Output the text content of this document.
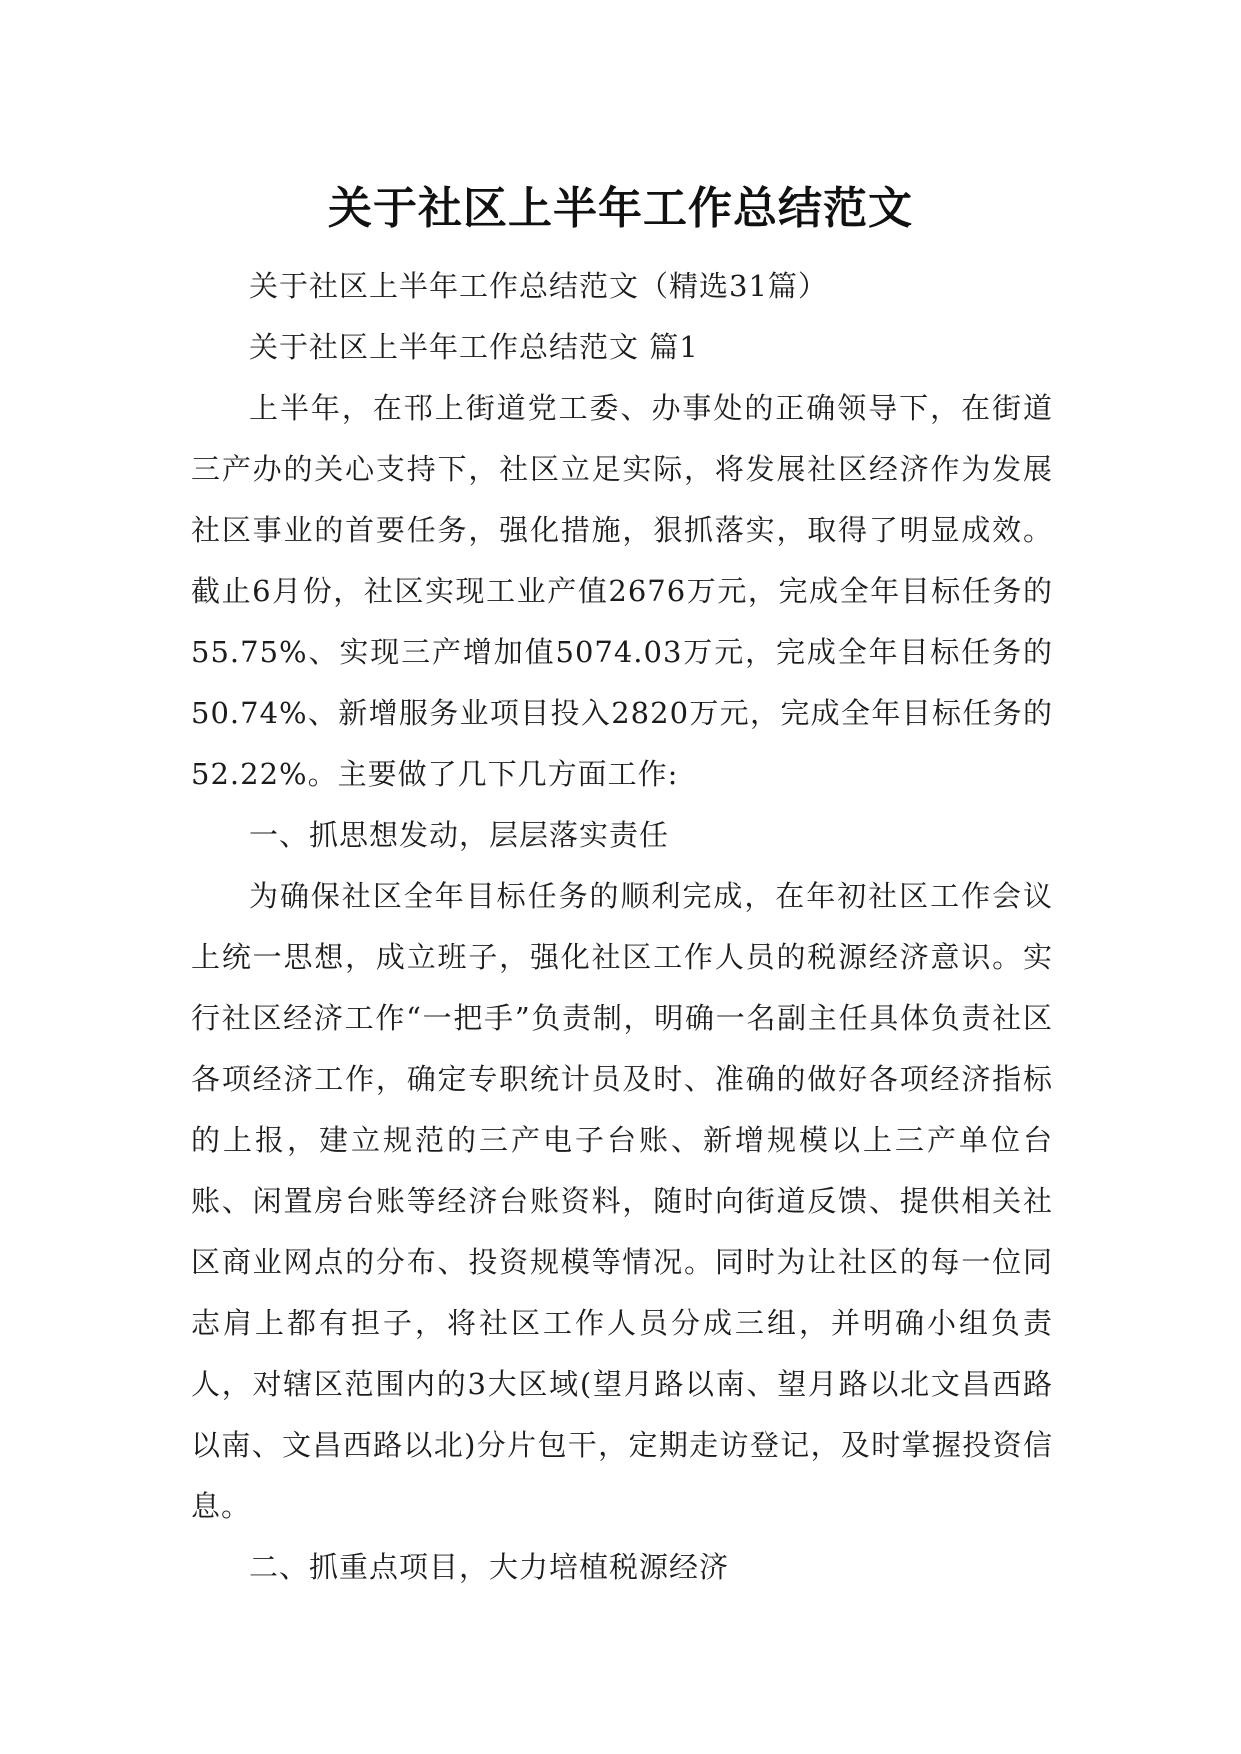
关于社区上半年工作总结范文

关于社区上半年工作总结范文（精选31篇）

关于社区上半年工作总结范文 篇1

上半年，在邗上街道党工委、办事处的正确领导下，在街道三产办的关心支持下，社区立足实际，将发展社区经济作为发展社区事业的首要任务，强化措施，狠抓落实，取得了明显成效。截止6月份，社区实现工业产值2676万元，完成全年目标任务的55.75%、实现三产增加值5074.03万元，完成全年目标任务的50.74%、新增服务业项目投入2820万元，完成全年目标任务的52.22%。主要做了几下几方面工作:

一、抓思想发动，层层落实责任

为确保社区全年目标任务的顺利完成，在年初社区工作会议上统一思想，成立班子，强化社区工作人员的税源经济意识。实行社区经济工作“一把手”负责制，明确一名副主任具体负责社区各项经济工作，确定专职统计员及时、准确的做好各项经济指标的上报，建立规范的三产电子台账、新增规模以上三产单位台账、闲置房台账等经济台账资料，随时向街道反馈、提供相关社区商业网点的分布、投资规模等情况。同时为让社区的每一位同志肩上都有担子，将社区工作人员分成三组，并明确小组负责人，对辖区范围内的3大区域(望月路以南、望月路以北文昌西路以南、文昌西路以北)分片包干，定期走访登记，及时掌握投资信息。

二、抓重点项目，大力培植税源经济
